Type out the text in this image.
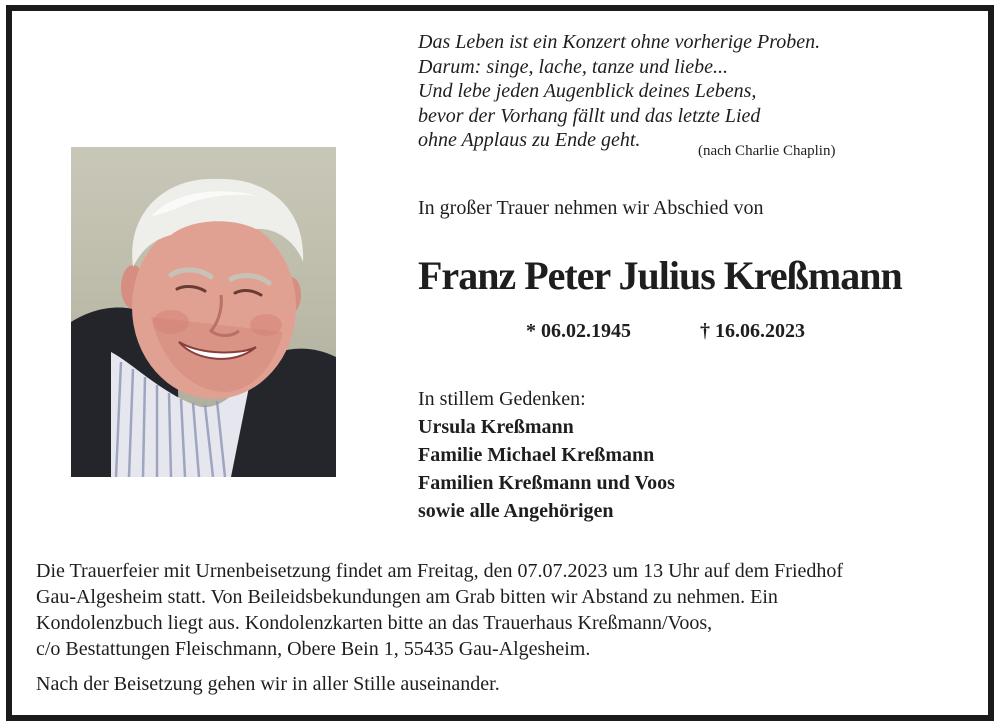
Das Leben ist ein Konzert ohne vorherige Proben.
Darum: singe, lache, tanze und liebe...
Und lebe jeden Augenblick deines Lebens,
bevor der Vorhang fällt und das letzte Lied
ohne Applaus zu Ende geht.	(nach Charlie Chaplin)
In großer Trauer nehmen wir Abschied von
Franz Peter Julius Kreßmann
* 06.02.1945	† 16.06.2023
In stillem Gedenken:
Ursula Kreßmann
Familie Michael Kreßmann
Familien Kreßmann und Voos
sowie alle Angehörigen
Die Trauerfeier mit Urnenbeisetzung findet am Freitag, den 07.07.2023 um 13 Uhr auf dem Friedhof
Gau-Algesheim statt. Von Beileidsbekundungen am Grab bitten wir Abstand zu nehmen. Ein
Kondolenzbuch liegt aus. Kondolenzkarten bitte an das Trauerhaus Kreßmann/Voos,
c/o Bestattungen Fleischmann, Obere Bein 1, 55435 Gau-Algesheim.
Nach der Beisetzung gehen wir in aller Stille auseinander.
